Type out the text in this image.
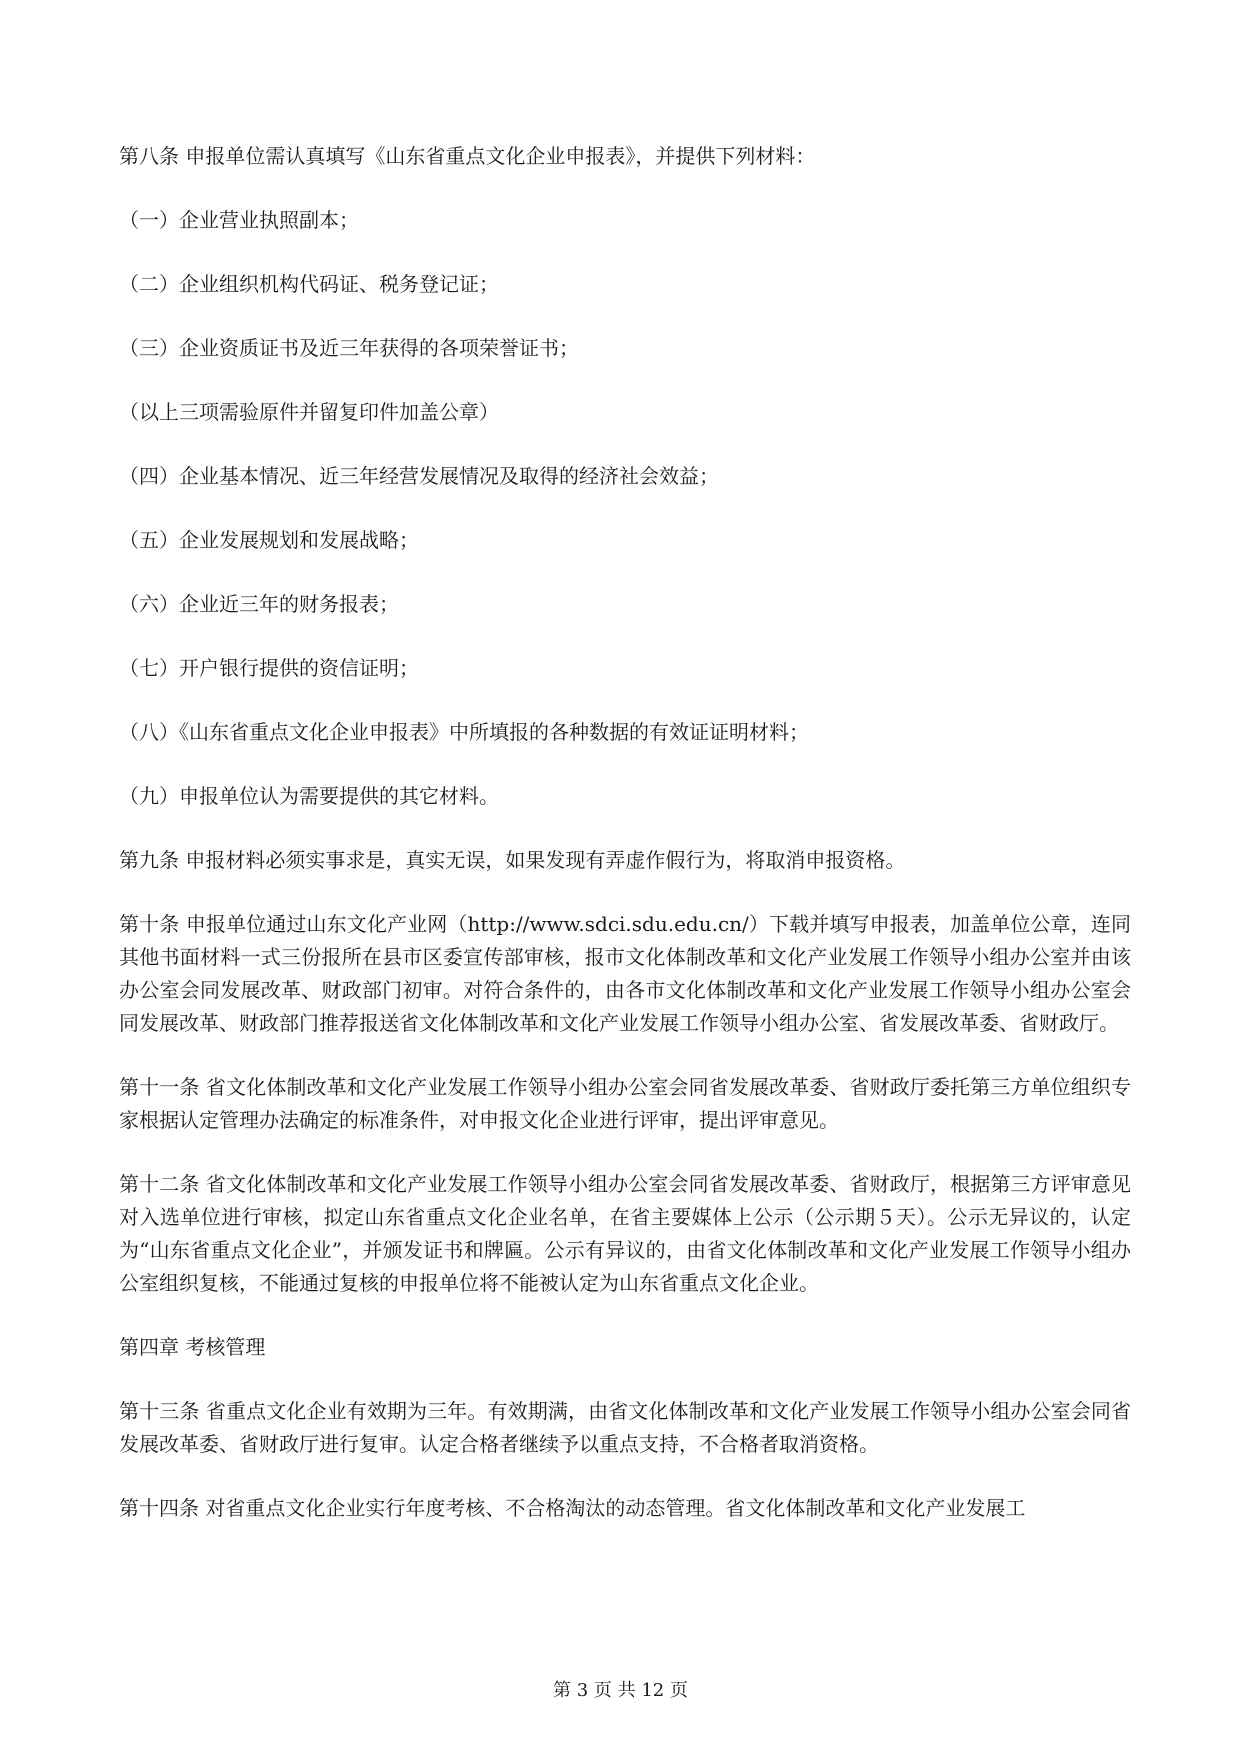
第八条 申报单位需认真填写《山东省重点文化企业申报表》，并提供下列材料：

（一）企业营业执照副本；

（二）企业组织机构代码证、税务登记证；

（三）企业资质证书及近三年获得的各项荣誉证书；

（以上三项需验原件并留复印件加盖公章）

（四）企业基本情况、近三年经营发展情况及取得的经济社会效益；

（五）企业发展规划和发展战略；

（六）企业近三年的财务报表；

（七）开户银行提供的资信证明；

（八）《山东省重点文化企业申报表》中所填报的各种数据的有效证证明材料；

（九）申报单位认为需要提供的其它材料。

第九条 申报材料必须实事求是，真实无误，如果发现有弄虚作假行为，将取消申报资格。

第十条 申报单位通过山东文化产业网（http://www.sdci.sdu.edu.cn/）下载并填写申报表，加盖单位公章，连同其他书面材料一式三份报所在县市区委宣传部审核，报市文化体制改革和文化产业发展工作领导小组办公室并由该办公室会同发展改革、财政部门初审。对符合条件的，由各市文化体制改革和文化产业发展工作领导小组办公室会同发展改革、财政部门推荐报送省文化体制改革和文化产业发展工作领导小组办公室、省发展改革委、省财政厅。

第十一条 省文化体制改革和文化产业发展工作领导小组办公室会同省发展改革委、省财政厅委托第三方单位组织专家根据认定管理办法确定的标准条件，对申报文化企业进行评审，提出评审意见。

第十二条 省文化体制改革和文化产业发展工作领导小组办公室会同省发展改革委、省财政厅，根据第三方评审意见对入选单位进行审核，拟定山东省重点文化企业名单，在省主要媒体上公示（公示期５天）。公示无异议的，认定为“山东省重点文化企业”，并颁发证书和牌匾。公示有异议的，由省文化体制改革和文化产业发展工作领导小组办公室组织复核，不能通过复核的申报单位将不能被认定为山东省重点文化企业。

第四章 考核管理

第十三条 省重点文化企业有效期为三年。有效期满，由省文化体制改革和文化产业发展工作领导小组办公室会同省发展改革委、省财政厅进行复审。认定合格者继续予以重点支持，不合格者取消资格。

第十四条 对省重点文化企业实行年度考核、不合格淘汰的动态管理。省文化体制改革和文化产业发展工

第 3 页 共 12 页
